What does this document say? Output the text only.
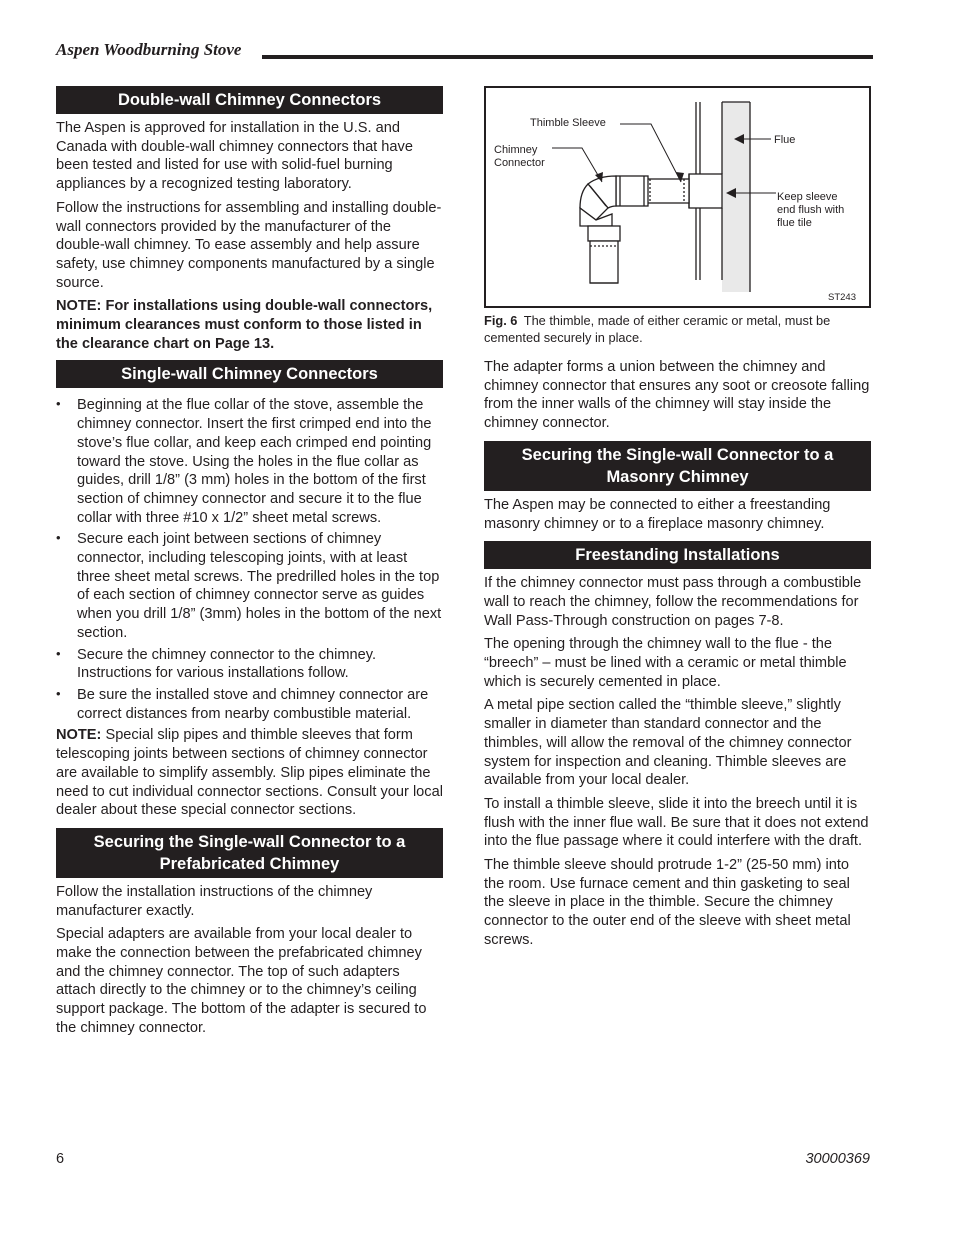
Aspen Woodburning Stove
Double-wall Chimney Connectors

The Aspen is approved for installation in the U.S. and Canada with double-wall chimney connectors that have been tested and listed for use with solid-fuel burning appliances by a recognized testing laboratory.

Follow the instructions for assembling and installing double-wall connectors provided by the manufacturer of the double-wall chimney. To ease assembly and help assure safety, use chimney components manufactured by a single source.

NOTE: For installations using double-wall connectors, minimum clearances must conform to those listed in the clearance chart on Page 13.

Single-wall Chimney Connectors
• Beginning at the flue collar of the stove, assemble the chimney connector. Insert the first crimped end into the stove’s flue collar, and keep each crimped end pointing toward the stove. Using the holes in the flue collar as guides, drill 1/8” (3 mm) holes in the bottom of the first section of chimney connector and secure it to the flue collar with three #10 x 1/2” sheet metal screws.
• Secure each joint between sections of chimney connector, including telescoping joints, with at least three sheet metal screws. The predrilled holes in the top of each section of chimney connector serve as guides when you drill 1/8” (3mm) holes in the bottom of the next section.
• Secure the chimney connector to the chimney. Instructions for various installations follow.
• Be sure the installed stove and chimney connector are correct distances from nearby combustible material.

NOTE: Special slip pipes and thimble sleeves that form telescoping joints between sections of chimney connector are available to simplify assembly. Slip pipes eliminate the need to cut individual connector sections. Consult your local dealer about these special connector sections.

Securing the Single-wall Connector to a Prefabricated Chimney

Follow the installation instructions of the chimney manufacturer exactly.

Special adapters are available from your local dealer to make the connection between the prefabricated chimney and the chimney connector. The top of such adapters attach directly to the chimney or to the chimney’s ceiling support package. The bottom of the adapter is secured to the chimney connector.

Thimble Sleeve
Chimney
Connector
Flue
Keep sleeve
end flush with
flue tile
ST243
Fig. 6 The thimble, made of either ceramic or metal, must be cemented securely in place.

The adapter forms a union between the chimney and chimney connector that ensures any soot or creosote falling from the inner walls of the chimney will stay inside the chimney connector.

Securing the Single-wall Connector to a Masonry Chimney

The Aspen may be connected to either a freestanding masonry chimney or to a fireplace masonry chimney.

Freestanding Installations

If the chimney connector must pass through a combustible wall to reach the chimney, follow the recommendations for Wall Pass-Through construction on pages 7-8.

The opening through the chimney wall to the flue - the “breech” – must be lined with a ceramic or metal thimble which is securely cemented in place.

A metal pipe section called the “thimble sleeve,” slightly smaller in diameter than standard connector and the thimbles, will allow the removal of the chimney connector system for inspection and cleaning. Thimble sleeves are available from your local dealer.

To install a thimble sleeve, slide it into the breech until it is flush with the inner flue wall. Be sure that it does not extend into the flue passage where it could interfere with the draft.

The thimble sleeve should protrude 1-2” (25-50 mm) into the room. Use furnace cement and thin gasketing to seal the sleeve in place in the thimble. Secure the chimney connector to the outer end of the sleeve with sheet metal screws.

6	30000369
